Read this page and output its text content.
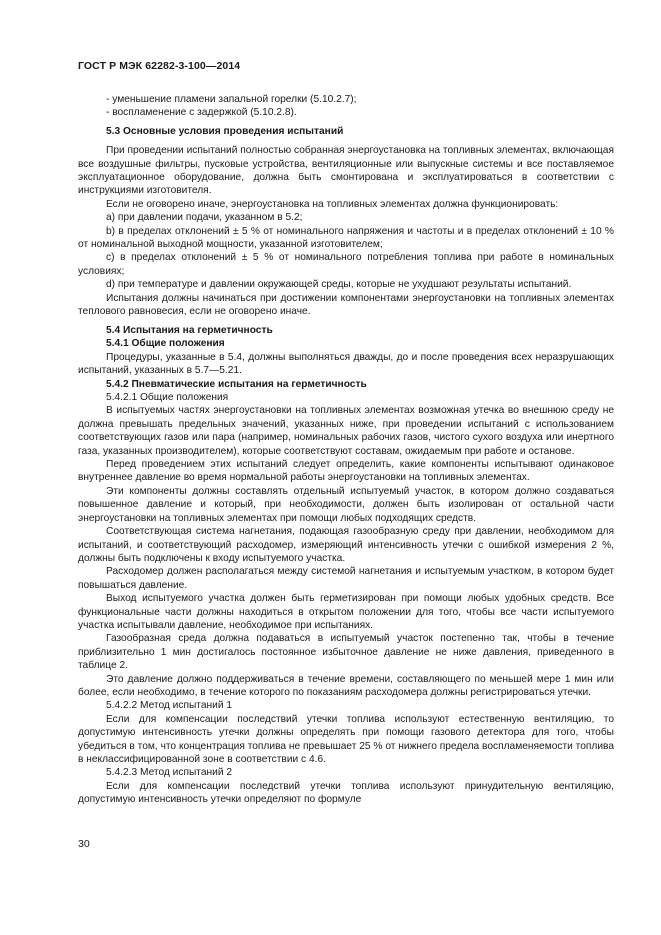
ГОСТ Р МЭК 62282-3-100—2014

- уменьшение пламени запальной горелки (5.10.2.7);

- воспламенение с задержкой (5.10.2.8).

5.3 Основные условия проведения испытаний

При проведении испытаний полностью собранная энергоустановка на топливных элементах, включающая все воздушные фильтры, пусковые устройства, вентиляционные или выпускные системы и все поставляемое эксплуатационное оборудование, должна быть смонтирована и эксплуатироваться в соответствии с инструкциями изготовителя.

Если не оговорено иначе, энергоустановка на топливных элементах должна функционировать:

а) при давлении подачи, указанном в 5.2;

b) в пределах отклонений ± 5 % от номинального напряжения и частоты и в пределах отклонений ± 10 % от номинальной выходной мощности, указанной изготовителем;

с) в пределах отклонений ± 5 % от номинального потребления топлива при работе в номинальных условиях;

d) при температуре и давлении окружающей среды, которые не ухудшают результаты испытаний.

Испытания должны начинаться при достижении компонентами энергоустановки на топливных элементах теплового равновесия, если не оговорено иначе.

5.4 Испытания на герметичность

5.4.1 Общие положения

Процедуры, указанные в 5.4, должны выполняться дважды, до и после проведения всех неразрушающих испытаний, указанных в 5.7—5.21.

5.4.2 Пневматические испытания на герметичность

5.4.2.1 Общие положения

В испытуемых частях энергоустановки на топливных элементах возможная утечка во внешнюю среду не должна превышать предельных значений, указанных ниже, при проведении испытаний с использованием соответствующих газов или пара (например, номинальных рабочих газов, чистого сухого воздуха или инертного газа, указанных производителем), которые соответствуют составам, ожидаемым при работе и останове.

Перед проведением этих испытаний следует определить, какие компоненты испытывают одинаковое внутреннее давление во время нормальной работы энергоустановки на топливных элементах.

Эти компоненты должны составлять отдельный испытуемый участок, в котором должно создаваться повышенное давление и который, при необходимости, должен быть изолирован от остальной части энергоустановки на топливных элементах при помощи любых подходящих средств.

Соответствующая система нагнетания, подающая газообразную среду при давлении, необходимом для испытаний, и соответствующий расходомер, измеряющий интенсивность утечки с ошибкой измерения 2 %, должны быть подключены к входу испытуемого участка.

Расходомер должен располагаться между системой нагнетания и испытуемым участком, в котором будет повышаться давление.

Выход испытуемого участка должен быть герметизирован при помощи любых удобных средств. Все функциональные части должны находиться в открытом положении для того, чтобы все части испытуемого участка испытывали давление, необходимое при испытаниях.

Газообразная среда должна подаваться в испытуемый участок постепенно так, чтобы в течение приблизительно 1 мин достигалось постоянное избыточное давление не ниже давления, приведенного в таблице 2.

Это давление должно поддерживаться в течение времени, составляющего по меньшей мере 1 мин или более, если необходимо, в течение которого по показаниям расходомера должны регистрироваться утечки.

5.4.2.2 Метод испытаний 1

Если для компенсации последствий утечки топлива используют естественную вентиляцию, то допустимую интенсивность утечки должны определять при помощи газового детектора для того, чтобы убедиться в том, что концентрация топлива не превышает 25 % от нижнего предела воспламеняемости топлива в неклассифицированной зоне в соответствии с 4.6.

5.4.2.3 Метод испытаний 2

Если для компенсации последствий утечки топлива используют принудительную вентиляцию, допустимую интенсивность утечки определяют по формуле

30
